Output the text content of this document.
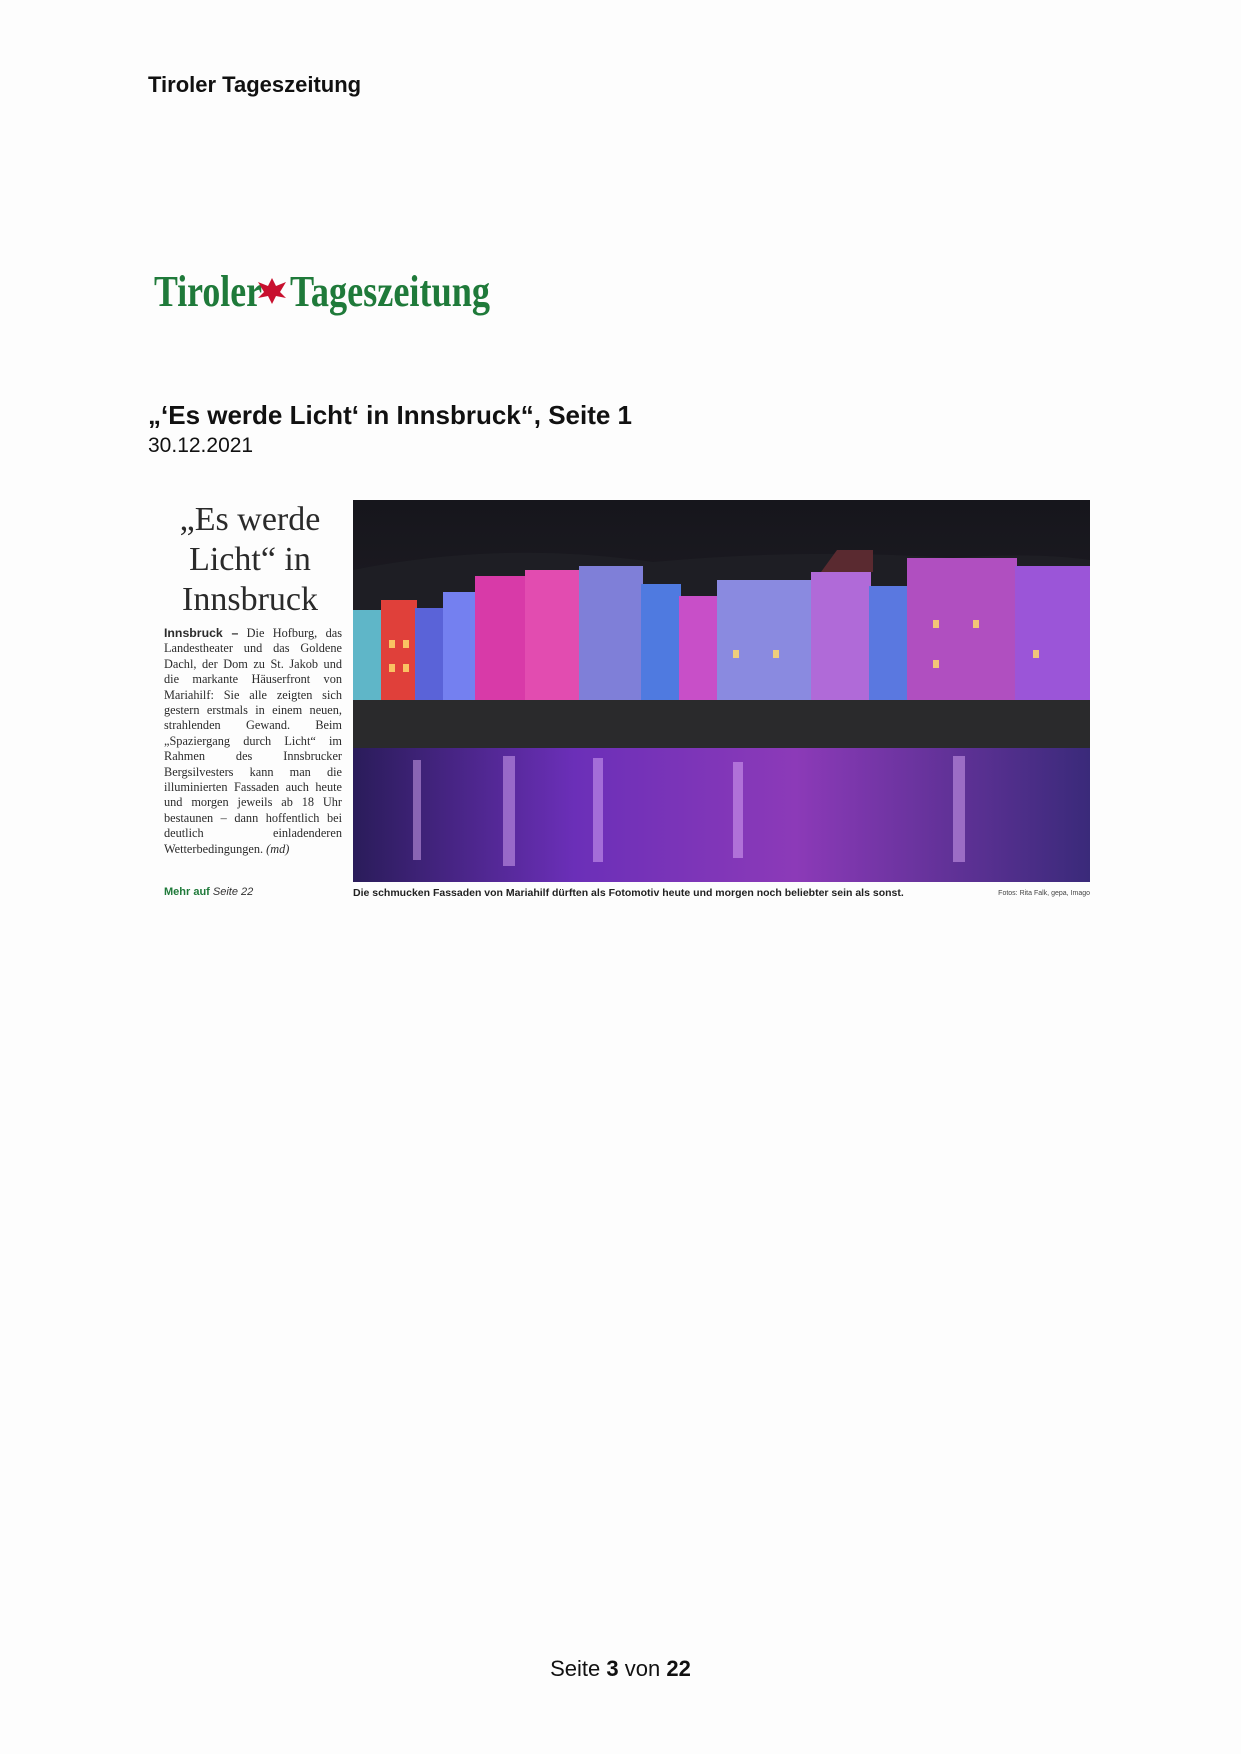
Tiroler Tageszeitung
Tiroler Tageszeitung
„‘Es werde Licht‘ in Innsbruck“, Seite 1
30.12.2021
„Es werde
Licht“ in
Innsbruck
Innsbruck – Die Hofburg, das Landestheater und das Goldene Dachl, der Dom zu St. Jakob und die markante Häuserfront von Mariahilf: Sie alle zeigten sich gestern erstmals in einem neuen, strahlenden Gewand. Beim „Spaziergang durch Licht“ im Rahmen des Innsbrucker Bergsilvesters kann man die illuminierten Fassaden auch heute und morgen jeweils ab 18 Uhr bestaunen – dann hoffentlich bei deutlich einladenderen Wetterbedingungen. (md)
Mehr auf Seite 22	Die schmucken Fassaden von Mariahilf dürften als Fotomotiv heute und morgen noch beliebter sein als sonst.	Fotos: Rita Falk, gepa, Imago
Seite 3 von 22
